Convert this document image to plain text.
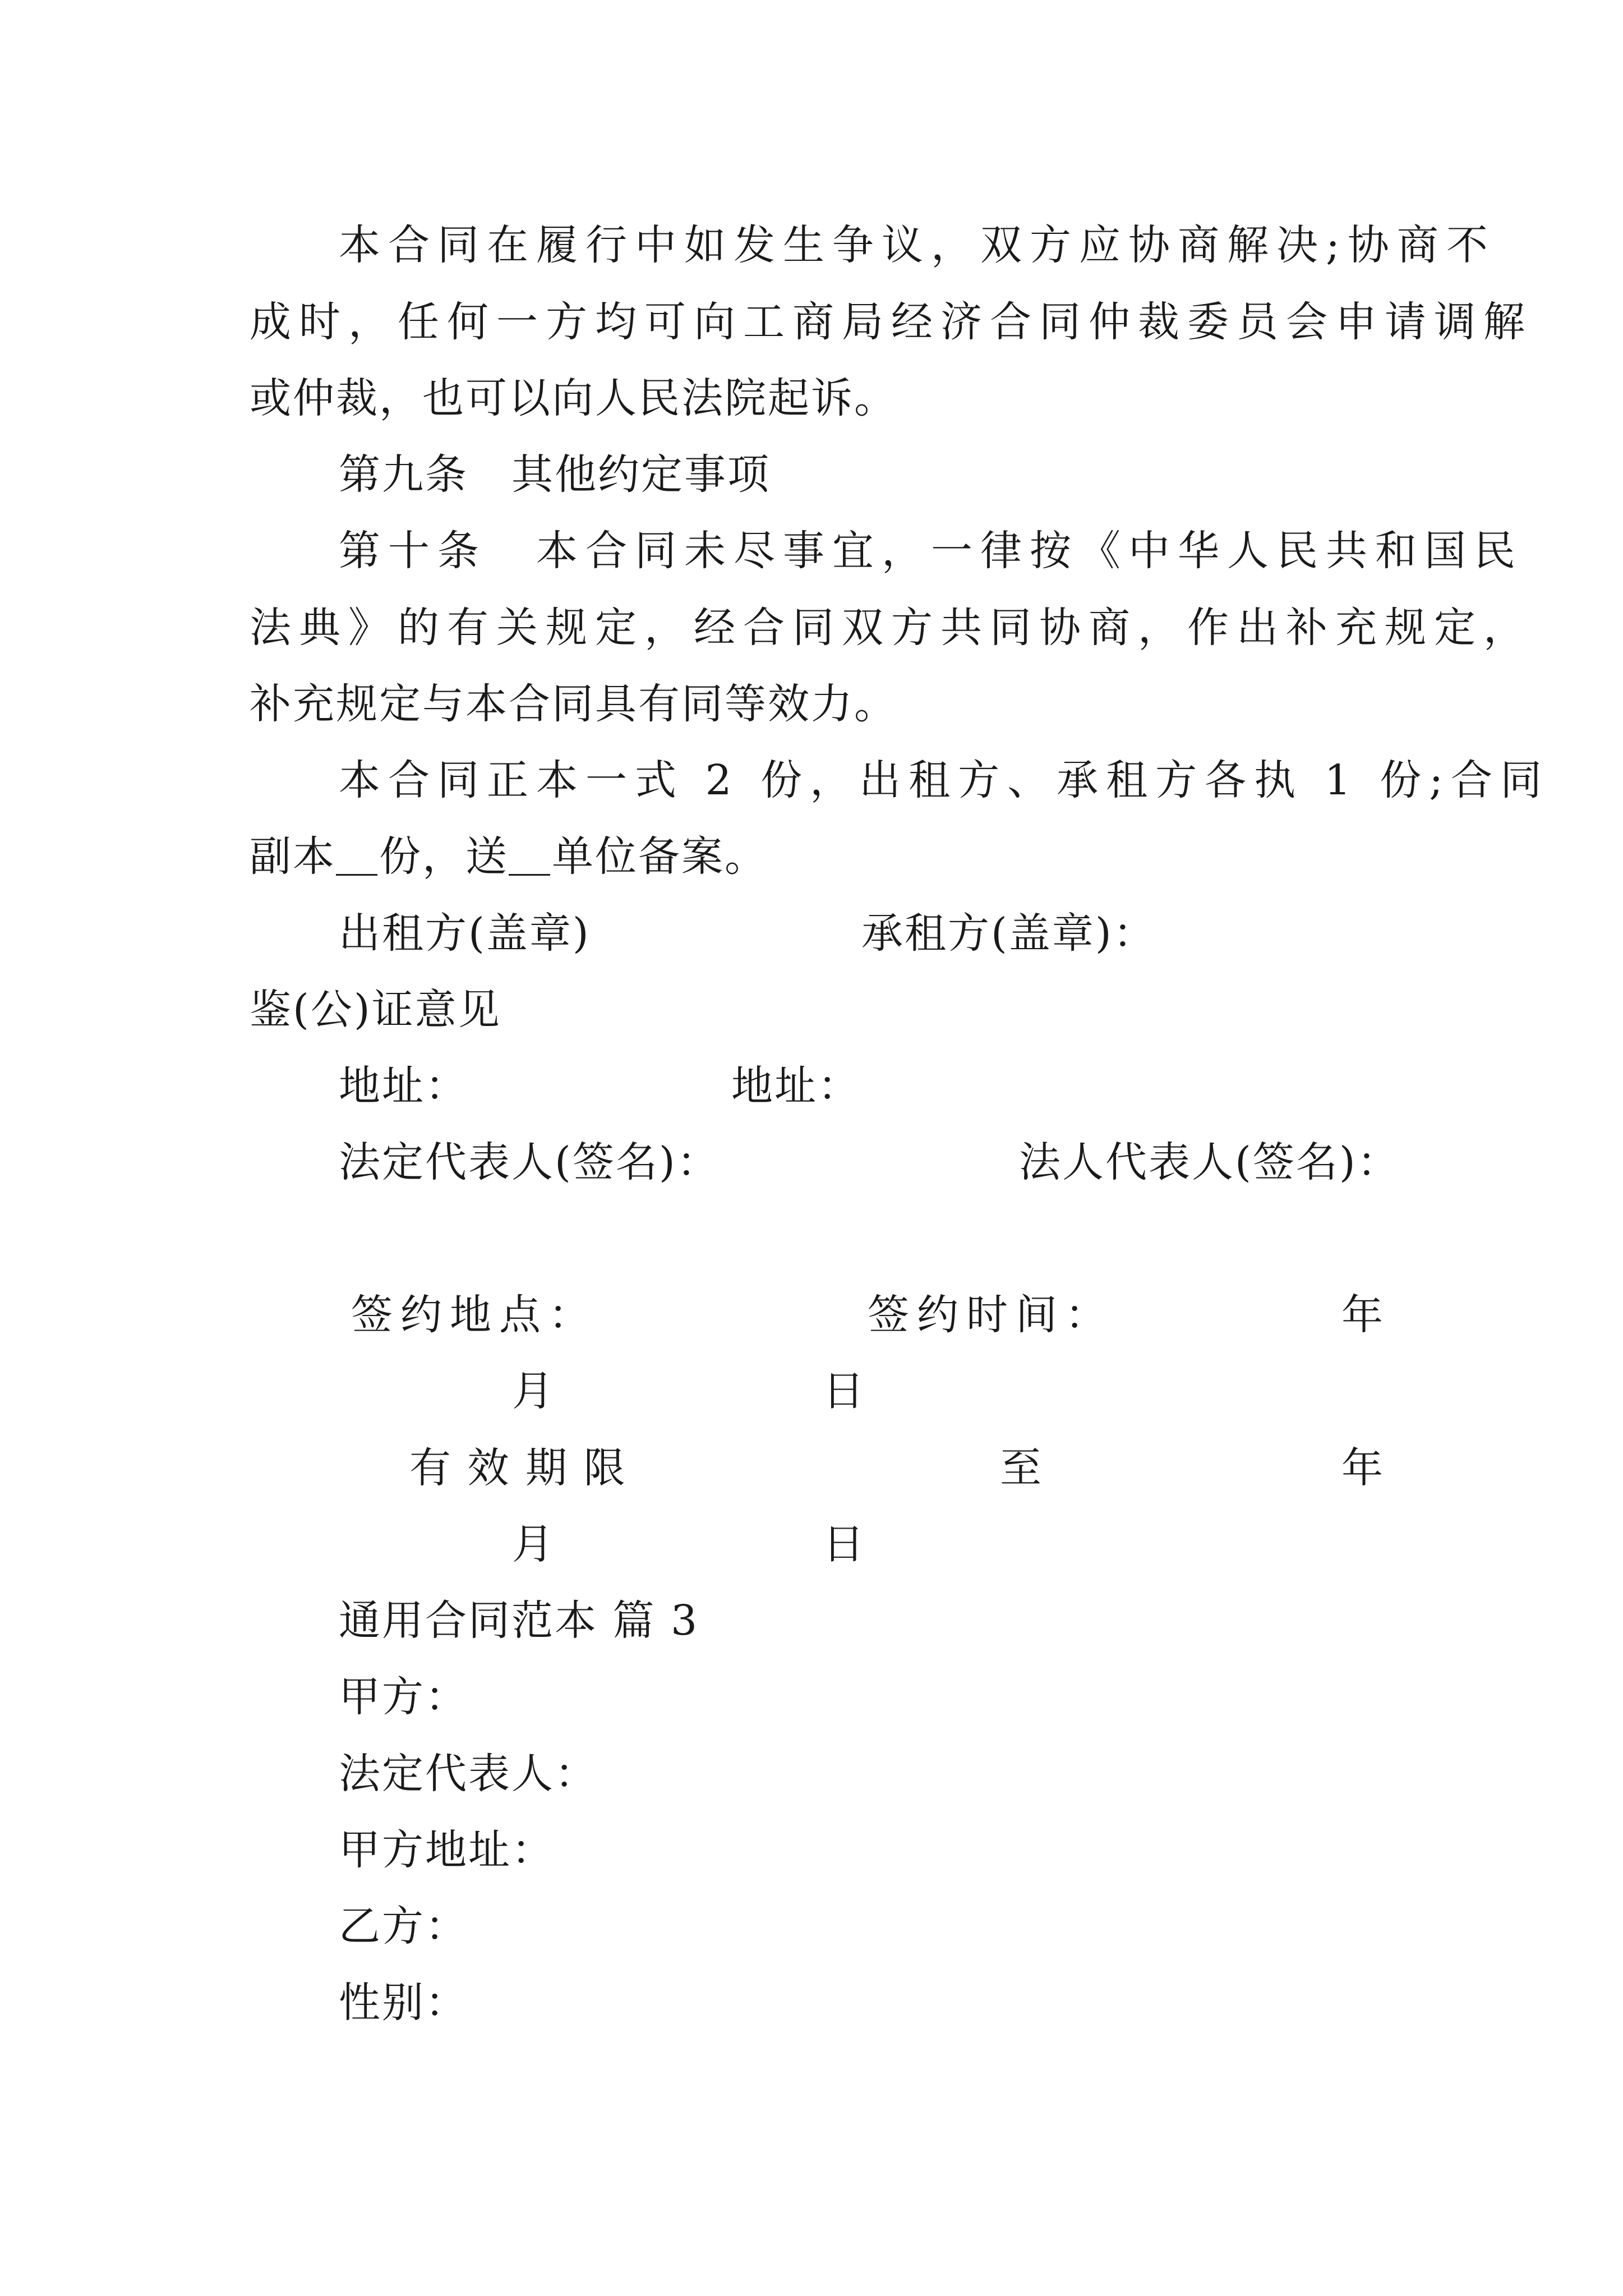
本合同在履行中如发生争议，双方应协商解决;协商不
成时，任何一方均可向工商局经济合同仲裁委员会申请调解
或仲裁，也可以向人民法院起诉。
第九条　其他约定事项
第十条　本合同未尽事宜，一律按《中华人民共和国民
法典》的有关规定，经合同双方共同协商，作出补充规定，
补充规定与本合同具有同等效力。
本合同正本一式 2 份，出租方、承租方各执 1 份;合同
副本＿份，送＿单位备案。
出租方(盖章)	承租方(盖章)：
鉴(公)证意见
地址：	地址：
法定代表人(签名)：	法人代表人(签名)：
签约地点：	签约时间：	年
月	日
有 效 期 限	至	年
月	日
通用合同范本 篇 3
甲方：
法定代表人：
甲方地址：
乙方：
性别：
